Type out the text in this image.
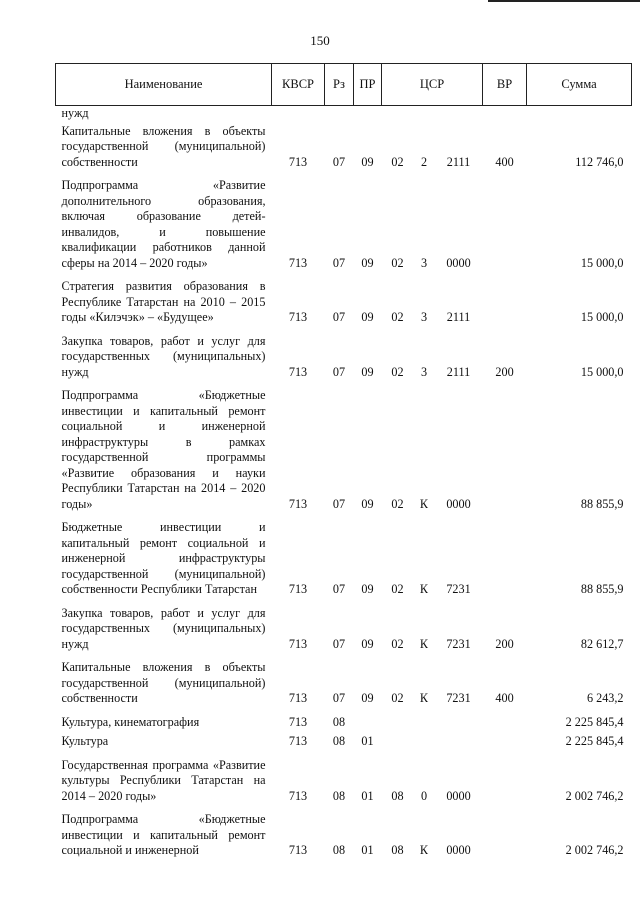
150
Наименование	КВСР	Рз	ПР	ЦСР			ВР	Сумма
нужд								
Капитальные вложения в объекты государственной (муниципальной) собственности	713	07	09	02	2	2111	400	112 746,0
Подпрограмма «Развитие дополнительного образования, включая образование детей-инвалидов, и повышение квалификации работников данной сферы на 2014 – 2020 годы»	713	07	09	02	3	0000		15 000,0
Стратегия развития образования в Республике Татарстан на 2010 – 2015 годы «Килэчэк» – «Будущее»	713	07	09	02	3	2111		15 000,0
Закупка товаров, работ и услуг для государственных (муниципальных) нужд	713	07	09	02	3	2111	200	15 000,0
Подпрограмма «Бюджетные инвестиции и капитальный ремонт социальной и инженерной инфраструктуры в рамках государственной программы «Развитие образования и науки Республики Татарстан на 2014 – 2020 годы»	713	07	09	02	К	0000		88 855,9
Бюджетные инвестиции и капитальный ремонт социальной и инженерной инфраструктуры государственной (муниципальной) собственности Республики Татарстан	713	07	09	02	К	7231		88 855,9
Закупка товаров, работ и услуг для государственных (муниципальных) нужд	713	07	09	02	К	7231	200	82 612,7
Капитальные вложения в объекты государственной (муниципальной) собственности	713	07	09	02	К	7231	400	6 243,2
Культура, кинематография	713	08						2 225 845,4
Культура	713	08	01					2 225 845,4
Государственная программа «Развитие культуры Республики Татарстан на 2014 – 2020 годы»	713	08	01	08	0	0000		2 002 746,2
Подпрограмма «Бюджетные инвестиции и капитальный ремонт социальной и инженерной	713	08	01	08	К	0000		2 002 746,2
